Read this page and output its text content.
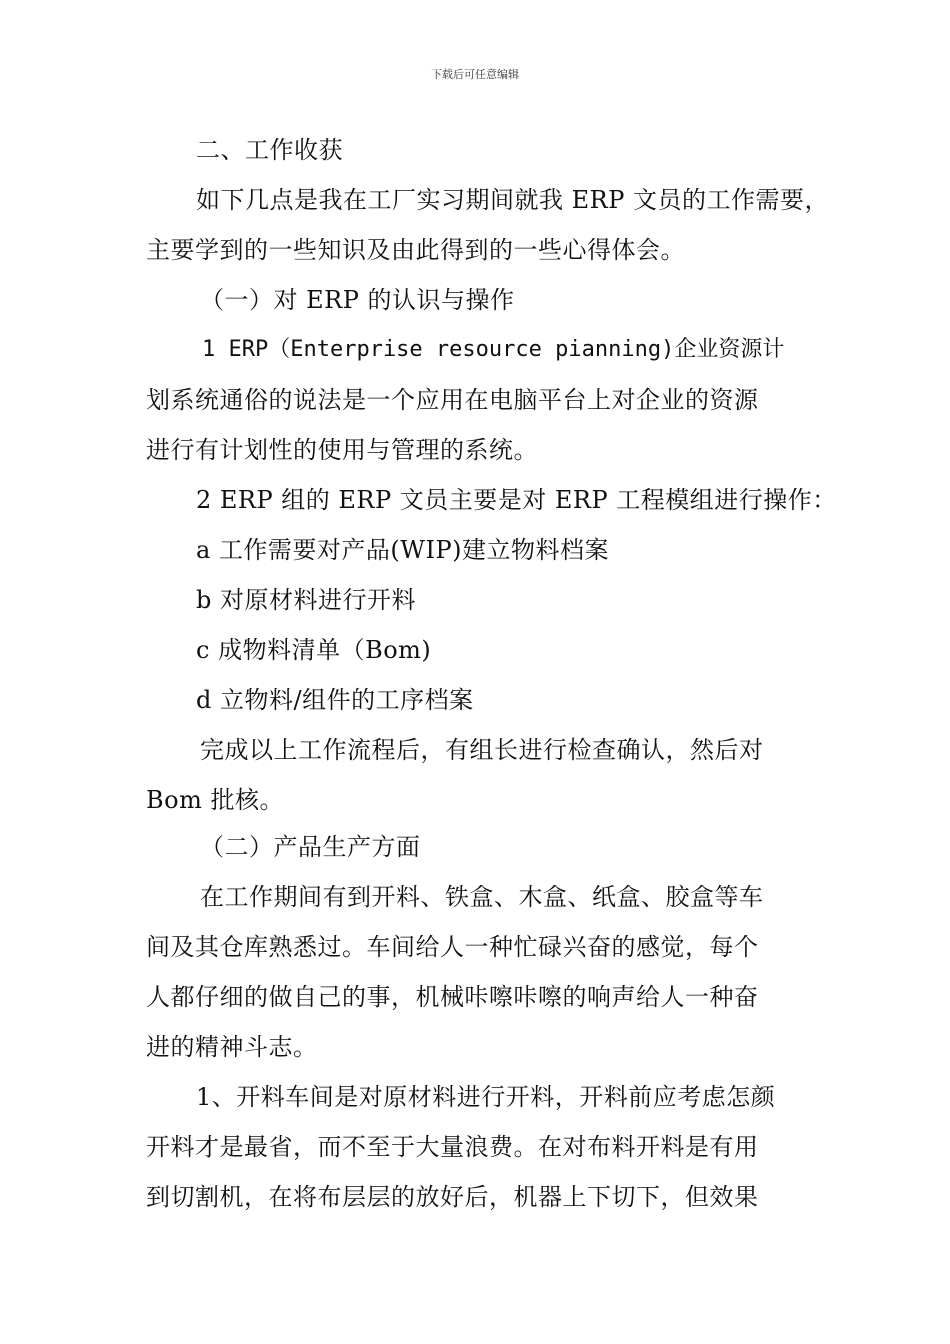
下载后可任意编辑
二、工作收获
如下几点是我在工厂实习期间就我 ERP 文员的工作需要，
主要学到的一些知识及由此得到的一些心得体会。
（一）对 ERP 的认识与操作
1 ERP（Enterprise resource pianning)企业资源计
划系统通俗的说法是一个应用在电脑平台上对企业的资源
进行有计划性的使用与管理的系统。
2 ERP 组的 ERP 文员主要是对 ERP 工程模组进行操作：
a 工作需要对产品(WIP)建立物料档案
b 对原材料进行开料
c 成物料清单（Bom)
d 立物料/组件的工序档案
完成以上工作流程后，有组长进行检查确认，然后对
Bom 批核。
（二）产品生产方面
在工作期间有到开料、铁盒、木盒、纸盒、胶盒等车
间及其仓库熟悉过。车间给人一种忙碌兴奋的感觉，每个
人都仔细的做自己的事，机械咔嚓咔嚓的响声给人一种奋
进的精神斗志。
1、开料车间是对原材料进行开料，开料前应考虑怎颜
开料才是最省，而不至于大量浪费。在对布料开料是有用
到切割机，在将布层层的放好后，机器上下切下，但效果
